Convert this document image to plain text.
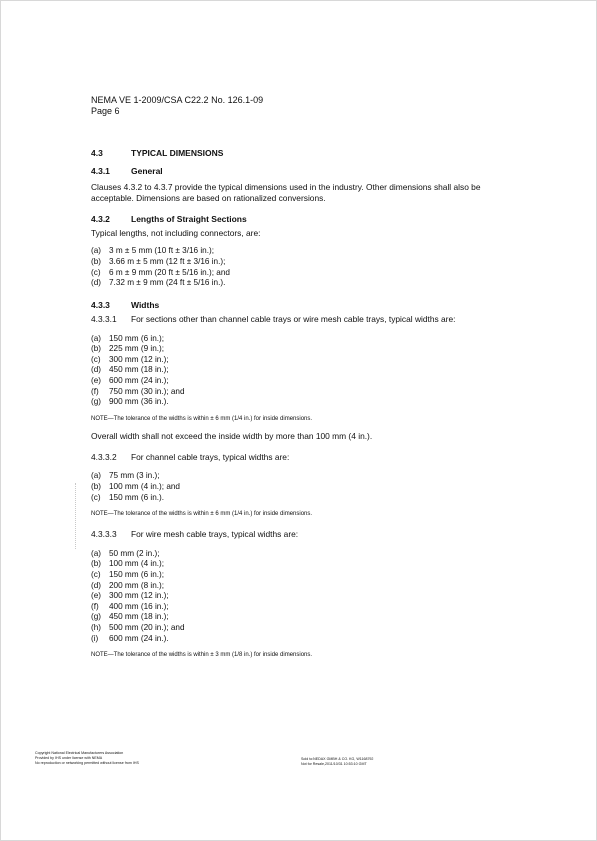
NEMA VE 1-2009/CSA C22.2 No. 126.1-09
Page 6
4.3	TYPICAL DIMENSIONS
4.3.1 General

Clauses 4.3.2 to 4.3.7 provide the typical dimensions used in the industry. Other dimensions shall also be acceptable. Dimensions are based on rationalized conversions.

4.3.2 Lengths of Straight Sections

Typical lengths, not including connectors, are:

(a) 3 m ± 5 mm (10 ft ± 3/16 in.);
(b) 3.66 m ± 5 mm (12 ft ± 3/16 in.);
(c) 6 m ± 9 mm (20 ft ± 5/16 in.); and
(d) 7.32 m ± 9 mm (24 ft ± 5/16 in.).
4.3.3 Widths

4.3.3.1 For sections other than channel cable trays or wire mesh cable trays, typical widths are:

(a) 150 mm (6 in.);
(b) 225 mm (9 in.);
(c) 300 mm (12 in.);
(d) 450 mm (18 in.);
(e) 600 mm (24 in.);
(f) 750 mm (30 in.); and
(g) 900 mm (36 in.).

NOTE—The tolerance of the widths is within ± 6 mm (1/4 in.) for inside dimensions.

Overall width shall not exceed the inside width by more than 100 mm (4 in.).

4.3.3.2 For channel cable trays, typical widths are:

(a) 75 mm (3 in.);
(b) 100 mm (4 in.); and
(c) 150 mm (6 in.).

NOTE—The tolerance of the widths is within ± 6 mm (1/4 in.) for inside dimensions.

4.3.3.3 For wire mesh cable trays, typical widths are:

(a) 50 mm (2 in.);
(b) 100 mm (4 in.);
(c) 150 mm (6 in.);
(d) 200 mm (8 in.);
(e) 300 mm (12 in.);
(f) 400 mm (16 in.);
(g) 450 mm (18 in.);
(h) 500 mm (20 in.); and
(i) 600 mm (24 in.).

NOTE—The tolerance of the widths is within ± 3 mm (1/8 in.) for inside dimensions.

Copyright National Electrical Manufacturers Association
Provided by IHS under license with NEMA
No reproduction or networking permitted without license from IHS
Sold to:NEDAX GMBH & CO. KG, W1168792
Not for Resale,2011/10/31 10:53:10 GMT
